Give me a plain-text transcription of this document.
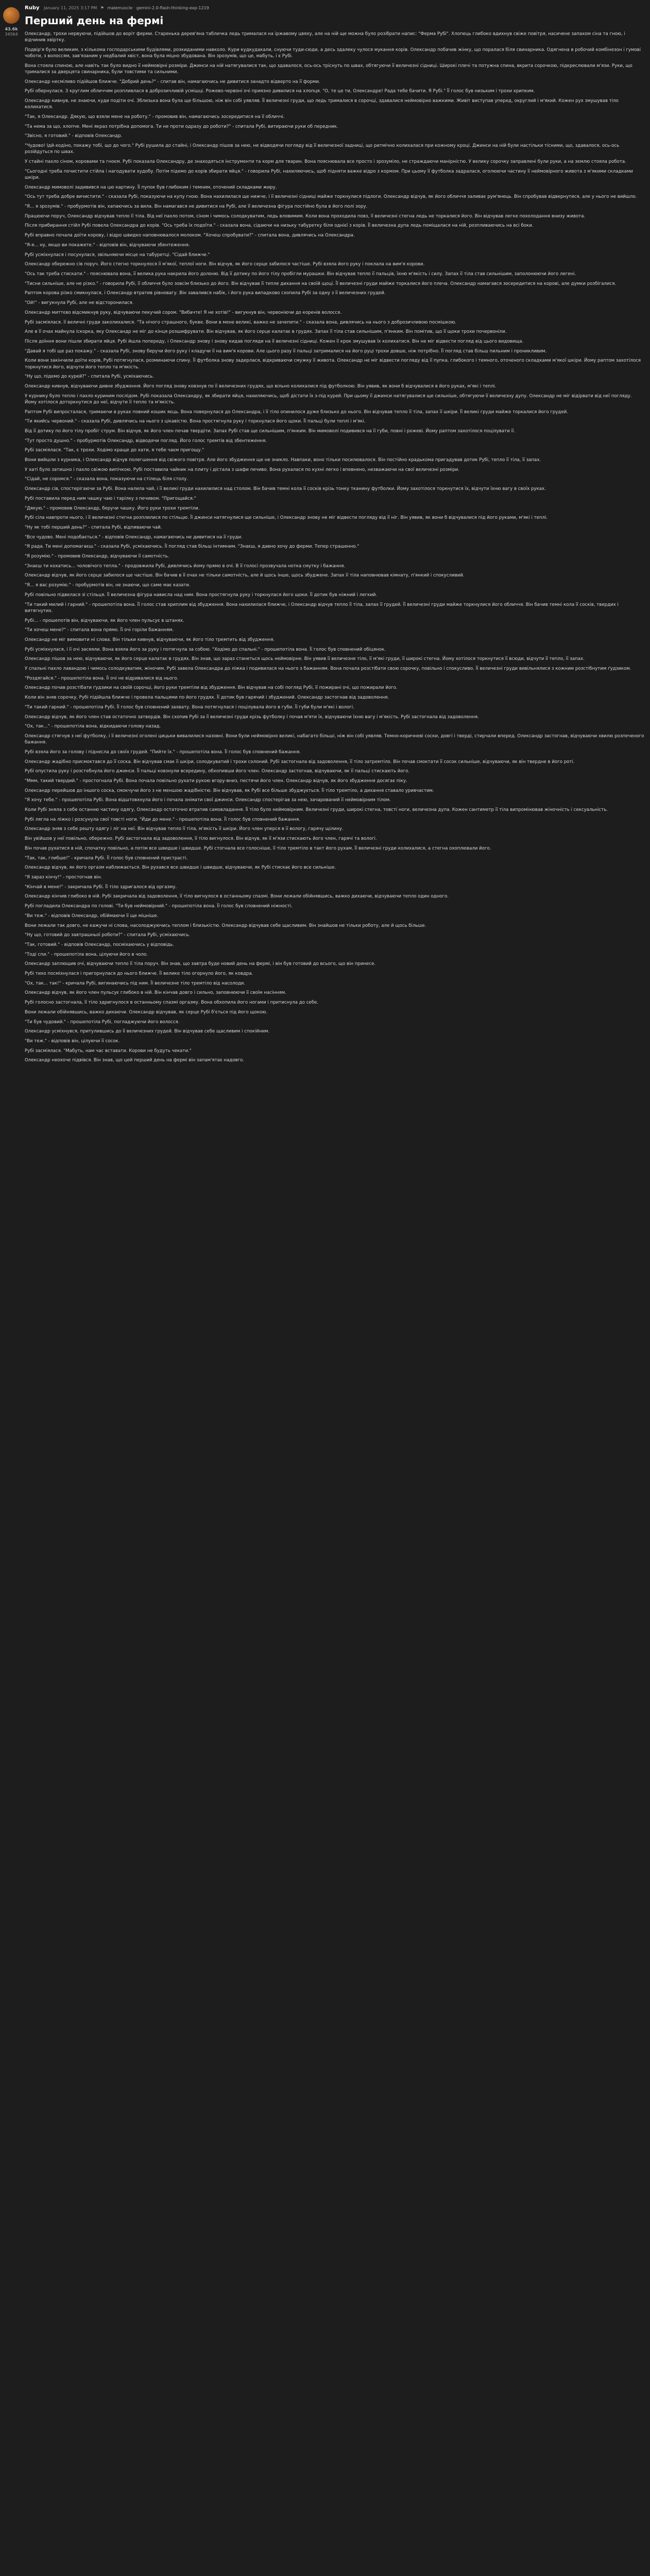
43.6k
34564
Ruby January 11, 2025 3:17 PM ⚑ malemuscle · gemini-2.0-flash-thinking-exp-1219
Перший день на фермі

Олександр, трохи нервуючи, підійшов до воріт ферми. Старенька дерев'яна табличка ледь трималася на іржавому цвяху, але на ній ще можна було розібрати напис: "Ферма Рубі". Хлопець глибоко вдихнув свіже повітря, насичене запахом сіна та гною, і відчинив хвіртку.

Подвір'я було великим, з кількома господарськими будівлями, розкиданими навколо. Кури кудкудакали, снуючи туди-сюди, а десь здалеку чулося мукання корів. Олександр побачив жінку, що поралася біля свинарника. Одягнена в робочий комбінезон і гумові чоботи, з волоссям, зав'язаним у недбалий хвіст, вона була міцно збудована. Він зрозумів, що це, мабуть, і є Рубі.

Вона стояла спиною, але навіть так було видно її неймовірні розміри. Джинси на ній натягувалися так, що здавалося, ось-ось тріснуть по швах, обтягуючи її величезні сідниці. Широкі плечі та потужна спина, вкрита сорочкою, підкреслювали м'язи. Руки, що трималися за дверцята свинарника, були товстими та сильними.

Олександр несміливо підійшов ближче. "Добрий день?" - спитав він, намагаючись не дивитися занадто відверто на її форми.

Рубі обернулася. З круглим обличчям розпливлася в доброзичливій усмішці. Рожево-червоні очі приязно дивилися на хлопця. "О, те це ти, Олександре! Рада тебе бачити. Я Рубі." Її голос був низьким і трохи хрипким.

Олександр кивнув, не знаючи, куди подіти очі. Зблизька вона була ще більшою, ніж він собі уявляв. Її величезні груди, що ледь трималися в сорочці, здавалися неймовірно важкими. Живіт виступав уперед, округлий і м'який. Кожен рух змушував тіло колихатися.

"Так, я Олександр. Дякую, що взяли мене на роботу." - промовив він, намагаючись зосередитися на її обличчі.

"Та нема за що, хлопче. Мені якраз потрібна допомога. Ти не проти одразу до роботи?" - спитала Рубі, витираючи руки об передник.

"Звісно, я готовий." - відповів Олександр.

"Чудово! Ідй-ходіно, покажу тобі, що до чого." Рубі рушила до стайні, і Олександр пішов за нею, не відводячи погляду від її величезної задниці, що ритмічно колихалася при кожному кроці. Джинси на ній були настільки тісними, що, здавалося, ось-ось розійдуться по швах.

У стайні пахло сіном, коровами та гноєм. Рубі показала Олександру, де знаходяться інструменти та корм для тварин. Вона пояснювала все просто і зрозуміло, не страждаючи манірністю. У велику сорочку заправлені були руки, а на землю стояла робота.

"Сьогодні треба почистити стійла і нагодувати худобу. Потім підемо до корів збирати яйця." - говорила Рубі, нахиляючись, щоб підняти важке відро з кормом. При цьому її футболка задралася, оголюючи частину її неймовірного живота з м'якими складками шкіри.

Олександр мимоволі задивився на цю картину. Її пупок був глибоким і темним, оточений складками жиру.

"Ось тут треба добре вичистити." - сказала Рубі, показуючи на купу гною. Вона нахилилася ще нижче, і її величезні сідниці майже торкнулися підлоги. Олександр відчув, як його обличчя заливає рум'янець. Він спробував відвернутися, але у нього не вийшло.

"Я... я зрозумів." - пробурмотів він, хапаючись за вила. Він намагався не дивитися на Рубі, але її величезна фігура постійно була в його полі зору.

Працюючи поруч, Олександр відчував тепло її тіла. Від неї пахло потом, сіном і чимось солодкуватим, ледь вловимим. Коли вона проходила повз, її величезні стегна ледь не торкалися його. Він відчував легке похолодання внизу живота.

Після прибирання стійл Рубі повела Олександра до корів. "Ось треба їх подоїти." - сказала вона, сідаючи на низьку табуретку біля однієї з корів. Її величезна дупа ледь поміщалася на ній, розпливаючись на всі боки.

Рубі вправно почала доїти корову, і відро швидко наповнювалося молоком. "Хочеш спробувати?" - спитала вона, дивлячись на Олександра.

"Я-я... ну, якщо ви покажете." - відповів він, відчуваючи збентеження.

Рубі усміхнулася і посунулася, звільняючи місце на табуретці. "Сідай ближче."

Олександр обережно сів поруч. Його стегно торкнулося її м'якої, теплої ноги. Він відчув, як його серце забилося частіше. Рубі взяла його руку і поклала на вим'я корови.

"Ось так треба стискати." - пояснювала вона, її велика рука накрила його долоню. Від її дотику по його тілу пробігли мурашки. Він відчував тепло її пальців, їхню м'якість і силу. Запах її тіла став сильнішим, заполонюючи його легені.

"Тисни сильніше, але не різко." - говорила Рубі, її обличчя було зовсім близько до його. Він відчував її тепле дихання на своїй щоці. Її величезні груди майже торкалися його плеча. Олександр намагався зосередитися на корові, але думки розбігалися.

Раптом корова різко смикнулася, і Олександр втратив рівновагу. Він завалився набік, і його рука випадково схопила Рубі за одну з її величезних грудей.

"Ой!" - вигукнула Рубі, але не відсторонилася.

Олександр миттєво відсмикнув руку, відчуваючи пекучий сором. "Вибачте! Я не хотів!" - вигукнув він, червоніючи до коренів волосся.

Рубі засміялася. її величні груди заколихалися. "Та нічого страшного, букве. Вони в мене великі, важко не зачепити." - сказала вона, дивлячись на нього з доброзичливою посмішкою.

Але в її очах майнула іскорка, яку Олександр не міг до кінця розшифрувати. Він відчував, як його серце калатає в грудях. Запах її тіла став сильнішим, п'янким. Він помітив, що її щоки трохи почервоніли.

Після доїння вони пішли збирати яйця. Рубі йшла попереду, і Олександр знову і знову кидав погляди на її величезні сідниці. Кожен її крок змушував їх колихатися. Він не міг відвести погляд від цього видовища.

"Давай я тобі ще раз покажу." - сказала Рубі, знову беручи його руку і кладучи її на вим'я корови. Але цього разу її пальці затрималися на його руці трохи довше, ніж потрібно. Її погляд став більш пильним і проникливим.

Коли вони закінчили доїти корів, Рубі потягнулася, розминаючи спину. Її футболка знову задерлася, відкриваючи смужку її живота. Олександр не міг відвести погляду від її пупка, глибокого і темного, оточеного складками м'якої шкіри. Йому раптом захотілося торкнутися його, відчути його тепло та м'якість.

"Ну що, підемо до курей?" - спитала Рубі, усміхаючись.

Олександр кивнув, відчуваючи дивне збудження. Його погляд знову ковзнув по її величезних грудях, що вільно колихалися під футболкою. Він уявив, як вони б відчувалися в його руках, м'які і теплі.

У курнику було тепло і пахло куриним послідом. Рубі показала Олександру, як збирати яйця, нахиляючись, щоб дістати їх з-під курей. При цьому її джинси натягувалися ще сильніше, обтягуючи її величезну дупу. Олександр не міг відірвати від неї погляду. Йому хотілося доторкнутися до неї, відчути її тепло та м'якість.

Раптом Рубі випросталася, тримаючи в руках повний кошик яєць. Вона повернулася до Олександра, і її тіло опинилося дуже близько до нього. Він відчував тепло її тіла, запах її шкіри. Її великі груди майже торкалися його грудей.

"Ти якийсь червоний." - сказала Рубі, дивлячись на нього з цікавістю. Вона простягнула руку і торкнулася його щоки. Її пальці були теплі і м'які.

Від її дотику по його тілу пробіг струм. Він відчув, як його член почав твердіти. Запах Рубі став ще сильнішим, п'янким. Він мимоволі подивився на її губи, повні і рожеві. Йому раптом захотілося поцілувати її.

"Тут просто душно." - пробурмотів Олександр, відводячи погляд. Його голос тремтів від збентеження.

Рубі засміялася. "Так, є трохи. Ходімо краще до хати, я тебе чаєм пригощу."

Вони вийшли з курника, і Олександр відчув полегшення від свіжого повітря. Але його збудження ще не зникло. Навпаки, воно тільки посилювалося. Він постійно крадькома пригадував дотик Рубі, тепло її тіла, її запах.

У хаті було затишно і пахло свіжою випічкою. Рубі поставила чайник на плиту і дістала з шафи печиво. Вона рухалася по кухні легко і впевнено, незважаючи на свої величезні розміри.

"Сідай, не соромся." - сказала вона, показуючи на стілець біля столу.

Олександр сів, спостерігаючи за Рубі. Вона налила чай, і її великі груди нахилилися над столом. Він бачив темні кола її сосків крізь тонку тканину футболки. Йому захотілося торкнутися їх, відчути їхню вагу в своїх руках.

Рубі поставила перед ним чашку чаю і тарілку з печивом. "Пригощайся."

"Дякую." - промовив Олександр, беручи чашку. Його руки трохи тремтіли.

Рубі сіла навпроти нього, і її величезні стегна розплилися по стільцю. Її джинси натягнулися ще сильніше, і Олександр знову не міг відвести погляду від її ніг. Він уявив, як вони б відчувалися під його руками, м'які і теплі.

"Ну як тобі перший день?" - спитала Рубі, відпиваючи чай.

"Все чудово. Мені подобається." - відповів Олександр, намагаючись не дивитися на її груди.

"Я рада. Ти мені допомагаєш." - сказала Рубі, усміхаючись. Її погляд став більш інтимним. "Знаєш, я давно хочу до ферми. Тепер страшенно."

"Я розумію." - промовив Олександр, відчуваючи її самотність.

"Знаєш ти кохатись... чоловічого тепла." - продовжила Рубі, дивлячись йому прямо в очі. В її голосі прозвучала нотка смутку і бажання.

Олександр відчув, як його серце забилося ще частіше. Він бачив в її очах не тільки самотність, але й щось інше, щось збуджене. Запах її тіла наповнював кімнату, п'янкий і спокусливий.

"Я... я вас розумію." - пробурмотів він, не знаючи, що саме має казати.

Рубі повільно підвелася зі стільця. Її величезна фігура нависла над ним. Вона простягнула руку і торкнулася його щоки. Її дотик був ніжний і легкий.

"Ти такий милий і гарний." - прошепотіла вона. Її голос став хриплим від збудження. Вона нахилилася ближче, і Олександр відчув тепло її тіла, запах її грудей. Її величезні груди майже торкнулися його обличчя. Він бачив темні кола її сосків, твердих і витягнутих.

Рубі... - прошепотів він, відчуваючи, як його член пульсує в штанях.

"Ти хочеш мене?" - спитала вона прямо. Її очі горіли бажанням.

Олександр не міг вимовити ні слова. Він тільки кивнув, відчуваючи, як його тіло тремтить від збудження.

Рубі усміхнулася, і її очі засяяли. Вона взяла його за руку і потягнула за собою. "Ходімо до спальні." - прошепотіла вона. Її голос був сповнений обіцянок.

Олександр пішов за нею, відчуваючи, як його серце калатає в грудях. Він знав, що зараз станеться щось неймовірне. Він уявив її величезне тіло, її м'які груди, її широкі стегна. Йому хотілося торкнутися її всюди, відчути її тепло, її запах.

У спальні пахло лавандою і чимось солодкуватим, жіночим. Рубі завела Олександра до ліжка і подивилася на нього з бажанням. Вона почала розстібати свою сорочку, повільно і спокусливо. Її величезні груди вивільнялися з кожним розстібнутим ґудзиком.

"Роздягайся." - прошепотіла вона. Її очі не відривалися від нього.

Олександр почав розстібати ґудзики на своїй сорочці, його руки тремтіли від збудження. Він відчував на собі погляд Рубі, її пожирані очі, що пожирали його.

Коли він зняв сорочку, Рубі підійшла ближче і провела пальцями по його грудях. Її дотик був гарячий і збуджений. Олександр застогнав від задоволення.

"Ти такий гарний." - прошепотіла Рубі. Її голос був сповнений захвату. Вона потягнулася і поцілувала його в губи. Її губи були м'які і вологі.

Олександр відчув, як його член став остаточно затвердів. Він схопив Рубі за її величезні груди крізь футболку і почав м'яти їх, відчуваючи їхню вагу і м'якість. Рубі застогнала від задоволення.

"Ох, так..." - прошепотіла вона, відкидаючи голову назад.

Олександр стягнув з неї футболку, і її величезні оголені цицьки вивалилися назовні. Вони були неймовірно великі, набагато більші, ніж він собі уявляв. Темно-коричневі соски, довгі і тверді, стирчали вперед. Олександр застогнав, відчуваючи хвилю розпеченого бажання.

Рубі взяла його за голову і піднесла до своїх грудей. "Пийте їх." - прошепотіла вона. Її голос був сповнений бажання.

Олександр жадібно присмоктався до її соска. Він відчував смак її шкіри, солодкуватий і трохи солоний. Рубі застогнала від задоволення, її тіло затремтіло. Він почав смоктати її сосок сильніше, відчуваючи, як він твердне в його роті.

Рубі опустила руку і розстебнула його джинси. Її пальці ковзнули всередину, обхопивши його член. Олександр застогнав, відчуваючи, як її пальці стискають його.

"Ммм, такий твердий." - простогнала Рубі. Вона почала повільно рухати рукою вгору-вниз, пестячи його член. Олександр відчув, як його збудження досягає піку.

Олександр перейшов до іншого соска, смокчучи його з не меншою жадібністю. Він відчував, як Рубі все більше збуджується. Її тіло тремтіло, а дихання ставало уривчастим.

"Я хочу тебе." - прошепотіла Рубі. Вона відштовхнула його і почала знімати свої джинси. Олександр спостерігав за нею, зачарований її неймовірним тілом.

Коли Рубі зняла з себе останню частину одягу, Олександр остаточно втратив самовладання. Її тіло було неймовірним. Величезні груди, широкі стегна, товсті ноги, величезна дупа. Кожен сантиметр її тіла випромінював жіночність і сексуальність.

Рубі лягла на ліжко і розсунула свої товсті ноги. "Йди до мене." - прошепотіла вона. Її голос був сповнений бажання.

Олександр зняв з себе решту одягу і ліг на неї. Він відчував тепло її тіла, м'якість її шкіри. Його член уперся в її вологу, гарячу щілину.

Він увійшов у неї повільно, обережно. Рубі застогнала від задоволення, її тіло вигнулося. Він відчув, як її м'язи стискають його член, гарячі та вологі.

Він почав рухатися в ній, спочатку повільно, а потім все швидше і швидше. Рубі стогнала все голосніше, її тіло тремтіло в такт його рухам. Її величезні груди колихалися, а стегна охоплювали його.

"Так, так, глибше!" - кричала Рубі. Її голос був сповнений пристрасті.

Олександр відчув, як його оргазм наближається. Він рухався все швидше і швидше, відчуваючи, як Рубі стискає його все сильніше.

"Я зараз кінчу!" - простогнав він.

"Кінчай в мене!" - закричала Рубі. Її тіло здригалося від оргазму.

Олександр кінчив глибоко в ній. Рубі закричала від задоволення, її тіло вигнулося в останньому спазмі. Вони лежали обійнявшись, важко дихаючи, відчуваючи тепло один одного.

Рубі погладила Олександра по голові. "Ти був неймовірний." - прошепотіла вона. Її голос був сповнений ніжності.

"Ви теж." - відповів Олександр, обіймаючи її ще міцніше.

Вони лежали так довго, не кажучи ні слова, насолоджуючись теплом і близькістю. Олександр відчував себе щасливим. Він знайшов не тільки роботу, але й щось більше.

"Ну що, готовий до завтрашньої роботи?" - спитала Рубі, усміхаючись.

"Так, готовий." - відповів Олександр, посміхаючись у відповідь.

"Тоді спи." - прошепотіла вона, цілуючи його в чоло.

Олександр заплющив очі, відчуваючи тепло її тіла поруч. Він знав, що завтра буде новий день на фермі, і він був готовий до всього, що він принесе.

Рубі тихо посміхнулася і пригорнулася до нього ближче. Її велике тіло огорнуло його, як ковдра.

"Ох, так... так!" - кричала Рубі, вигинаючись під ним. Її величезне тіло тремтіло від насолоди.

Олександр відчув, як його член пульсує глибоко в ній. Він кінчав довго і сильно, заповнюючи її своїм насінням.

Рубі голосно застогнала, її тіло здригнулося в останньому спазмі оргазму. Вона обхопила його ногами і притиснула до себе.

Вони лежали обійнявшись, важко дихаючи. Олександр відчував, як серце Рубі б'ється під його щокою.

"Ти був чудовий." - прошепотіла Рубі, погладжуючи його волосся.

Олександр усміхнувся, притулившись до її величезних грудей. Він відчував себе щасливим і спокійним.

"Ви теж." - відповів він, цілуючи її сосок.

Рубі засміялася. "Мабуть, нам час вставати. Корови не будуть чекати."

Олександр неохоче підвівся. Він знав, що цей перший день на фермі він запам'ятає надовго.
